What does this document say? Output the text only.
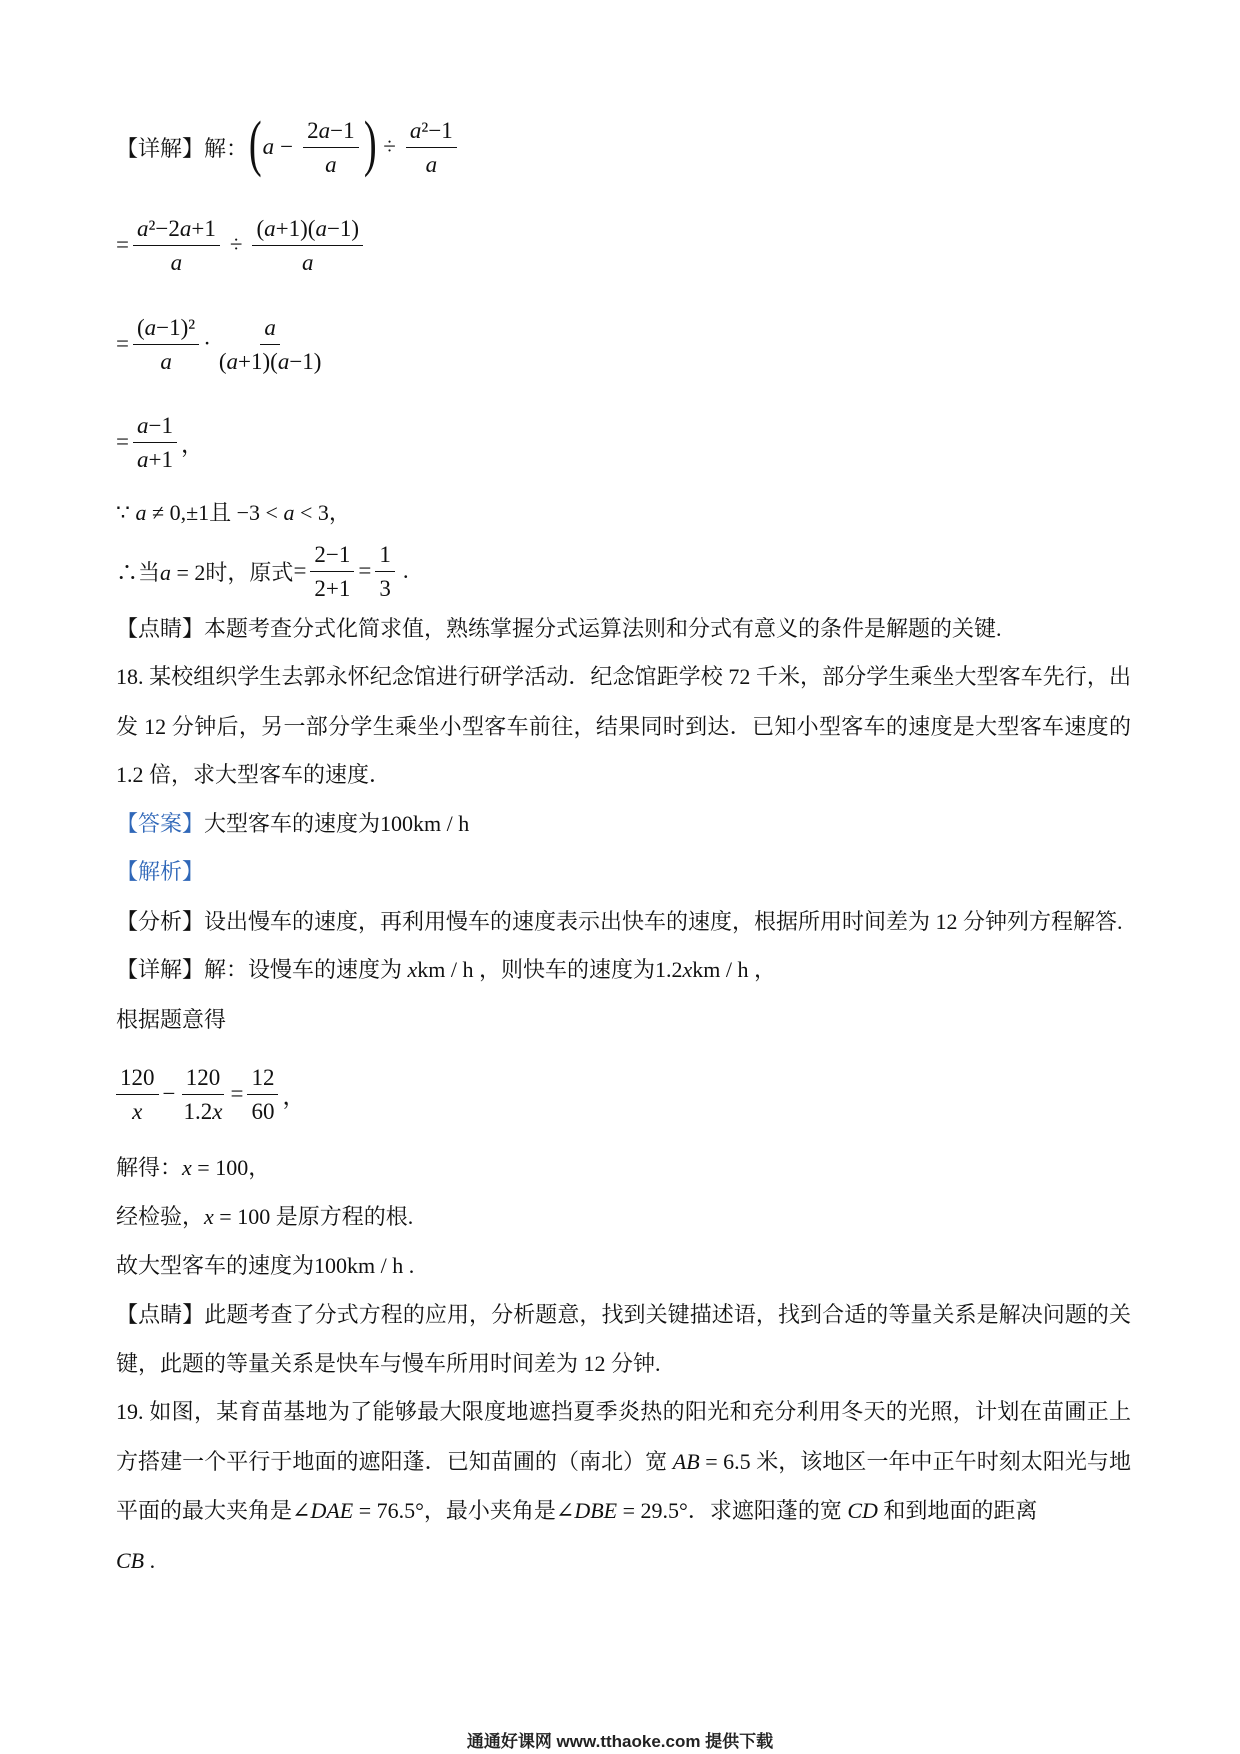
【详解】解： ( $a - \frac{2a-1}{a}$ ) ÷ $\frac{\text{a²−1}}{a}$
= $\frac{\text{a²−2a+1}}{a} \div \frac{(a+1)(a-1)}{a}$
= $\frac{\text{(a−1)²}}{a} \cdot \frac{a}{(a+1)(a-1)}$
= $\frac{a-1}{a+1}$ ，
∵ a ≠ 0,±1且 −3 < a < 3，
∴当a = 2时，原式 = $\frac{2-1}{2+1} = \frac{1}{3}$ .
【点睛】本题考查分式化简求值，熟练掌握分式运算法则和分式有意义的条件是解题的关键.
18. 某校组织学生去郭永怀纪念馆进行研学活动．纪念馆距学校 72 千米，部分学生乘坐大型客车先行，出
发 12 分钟后，另一部分学生乘坐小型客车前往，结果同时到达．已知小型客车的速度是大型客车速度的
1.2 倍，求大型客车的速度．
【答案】大型客车的速度为100km / h
【解析】
【分析】设出慢车的速度，再利用慢车的速度表示出快车的速度，根据所用时间差为 12 分钟列方程解答.
【详解】解：设慢车的速度为 xkm / h ，则快车的速度为1.2xkm / h ，
根据题意得
$\frac{120}{x} - \frac{120}{1.2x} = \frac{12}{60}$ ，
解得：x = 100，
经检验，x = 100 是原方程的根.
故大型客车的速度为100km / h .
【点睛】此题考查了分式方程的应用，分析题意，找到关键描述语，找到合适的等量关系是解决问题的关
键，此题的等量关系是快车与慢车所用时间差为 12 分钟.
19. 如图，某育苗基地为了能够最大限度地遮挡夏季炎热的阳光和充分利用冬天的光照，计划在苗圃正上
方搭建一个平行于地面的遮阳蓬．已知苗圃的（南北）宽 AB = 6.5 米，该地区一年中正午时刻太阳光与地
平面的最大夹角是∠DAE = 76.5°，最小夹角是∠DBE = 29.5°．求遮阳蓬的宽 CD 和到地面的距离
CB .
通通好课网 www.tthaoke.com 提供下载
